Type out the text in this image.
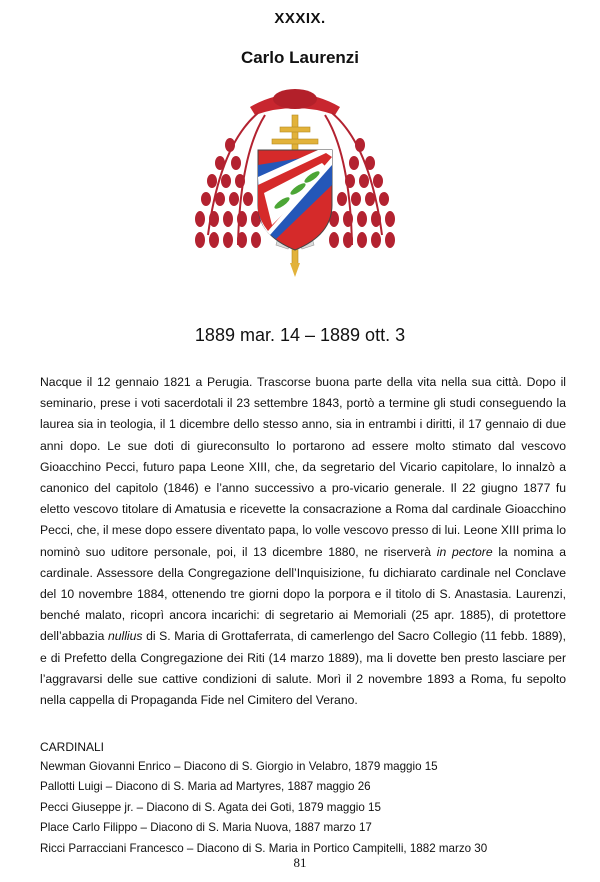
XXXIX.
Carlo Laurenzi
1889 mar. 14 – 1889 ott. 3

Nacque il 12 gennaio 1821 a Perugia. Trascorse buona parte della vita nella sua città. Dopo il seminario, prese i voti sacerdotali il 23 settembre 1843, portò a termine gli studi conseguendo la laurea sia in teologia, il 1 dicembre dello stesso anno, sia in entrambi i diritti, il 17 gennaio di due anni dopo. Le sue doti di giureconsulto lo portarono ad essere molto stimato dal vescovo Gioacchino Pecci, futuro papa Leone XIII, che, da segretario del Vicario capitolare, lo innalzò a canonico del capitolo (1846) e l’anno successivo a pro-vicario generale. Il 22 giugno 1877 fu eletto vescovo titolare di Amatusia e ricevette la consacrazione a Roma dal cardinale Gioacchino Pecci, che, il mese dopo essere diventato papa, lo volle vescovo presso di lui. Leone XIII prima lo nominò suo uditore personale, poi, il 13 dicembre 1880, ne riserverà in pectore la nomina a cardinale. Assessore della Congregazione dell’Inquisizione, fu dichiarato cardinale nel Conclave del 10 novembre 1884, ottenendo tre giorni dopo la porpora e il titolo di S. Anastasia. Laurenzi, benché malato, ricoprì ancora incarichi: di segretario ai Memoriali (25 apr. 1885), di protettore dell’abbazia nullius di S. Maria di Grottaferrata, di camerlengo del Sacro Collegio (11 febb. 1889), e di Prefetto della Congregazione dei Riti (14 marzo 1889), ma li dovette ben presto lasciare per l’aggravarsi delle sue cattive condizioni di salute. Morì il 2 novembre 1893 a Roma, fu sepolto nella cappella di Propaganda Fide nel Cimitero del Verano.

CARDINALI
Newman Giovanni Enrico – Diacono di S. Giorgio in Velabro, 1879 maggio 15
Pallotti Luigi – Diacono di S. Maria ad Martyres, 1887 maggio 26
Pecci Giuseppe jr. – Diacono di S. Agata dei Goti, 1879 maggio 15
Place Carlo Filippo – Diacono di S. Maria Nuova, 1887 marzo 17
Ricci Parracciani Francesco – Diacono di S. Maria in Portico Campitelli, 1882 marzo 30
81
